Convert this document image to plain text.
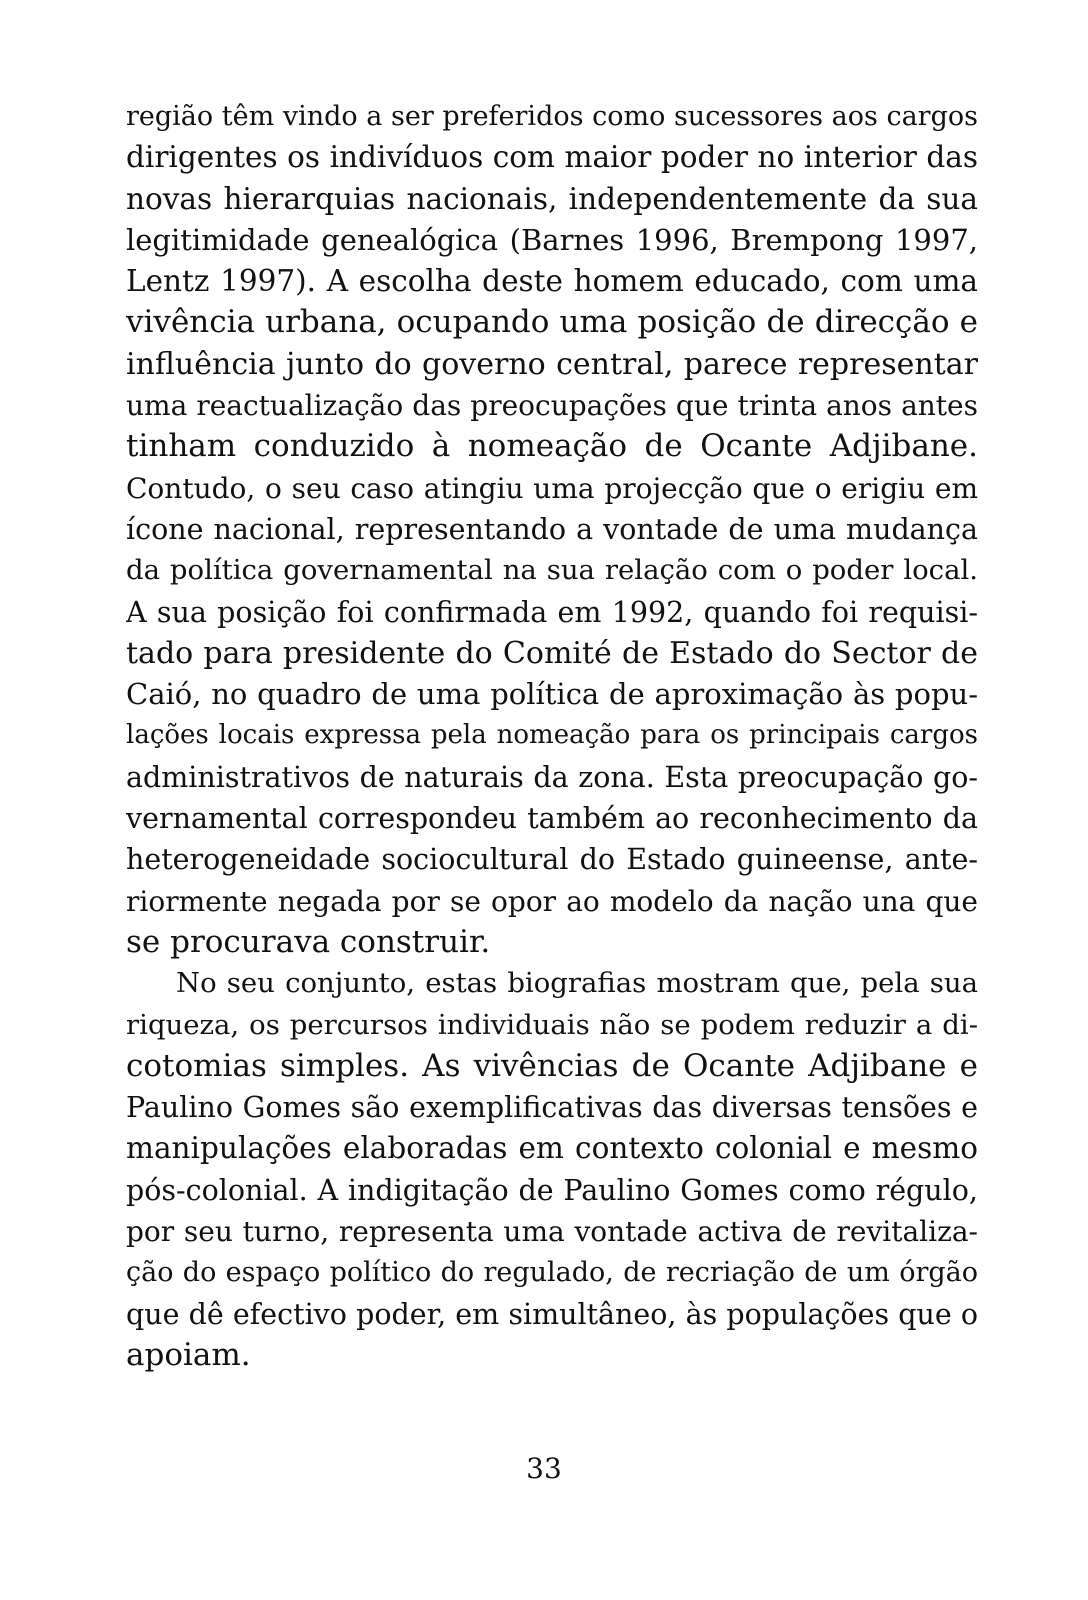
região têm vindo a ser preferidos como sucessores aos cargos
dirigentes os indivíduos com maior poder no interior das
novas hierarquias nacionais, independentemente da sua
legitimidade genealógica (Barnes 1996, Brempong 1997,
Lentz 1997). A escolha deste homem educado, com uma
vivência urbana, ocupando uma posição de direcção e
influência junto do governo central, parece representar
uma reactualização das preocupações que trinta anos antes
tinham conduzido à nomeação de Ocante Adjibane.
Contudo, o seu caso atingiu uma projecção que o erigiu em
ícone nacional, representando a vontade de uma mudança
da política governamental na sua relação com o poder local.
A sua posição foi confirmada em 1992, quando foi requisi-
tado para presidente do Comité de Estado do Sector de
Caió, no quadro de uma política de aproximação às popu-
lações locais expressa pela nomeação para os principais cargos
administrativos de naturais da zona. Esta preocupação go-
vernamental correspondeu também ao reconhecimento da
heterogeneidade sociocultural do Estado guineense, ante-
riormente negada por se opor ao modelo da nação una que
se procurava construir.
No seu conjunto, estas biografias mostram que, pela sua
riqueza, os percursos individuais não se podem reduzir a di-
cotomias simples. As vivências de Ocante Adjibane e
Paulino Gomes são exemplificativas das diversas tensões e
manipulações elaboradas em contexto colonial e mesmo
pós-colonial. A indigitação de Paulino Gomes como régulo,
por seu turno, representa uma vontade activa de revitaliza-
ção do espaço político do regulado, de recriação de um órgão
que dê efectivo poder, em simultâneo, às populações que o
apoiam.
33
